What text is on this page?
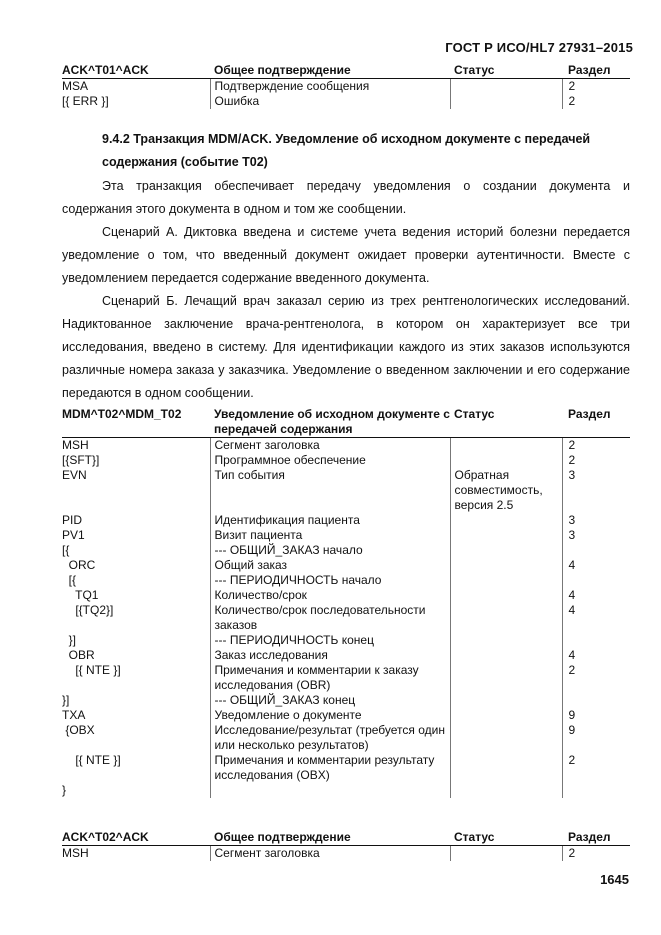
ГОСТ Р ИСО/HL7 27931–2015
ACK^T01^ACK	Общее подтверждение	Статус	Раздел
MSA	Подтверждение сообщения		2
[{ ERR }]	Ошибка		2
9.4.2 Транзакция MDM/ACK. Уведомление об исходном документе с передачей содержания (событие Т02)

Эта транзакция обеспечивает передачу уведомления о создании документа и содержания этого документа в одном и том же сообщении.

Сценарий А. Диктовка введена и системе учета ведения историй болезни передается уведомление о том, что введенный документ ожидает проверки аутентичности. Вместе с уведомлением передается содержание введенного документа.

Сценарий Б. Лечащий врач заказал серию из трех рентгенологических исследований. Надиктованное заключение врача-рентгенолога, в котором он характеризует все три исследования, введено в систему. Для идентификации каждого из этих заказов используются различные номера заказа у заказчика. Уведомление о введенном заключении и его содержание передаются в одном сообщении.

MDM^T02^MDM_T02	Уведомление об исходном документе с передачей содержания	Статус	Раздел
MSH	Сегмент заголовка		2
[{SFT}]	Программное обеспечение		2
EVN	Тип события	Обратная совместимость, версия 2.5	3
PID	Идентификация пациента		3
PV1	Визит пациента		3
[{	--- ОБЩИЙ_ЗАКАЗ начало		
ORC	Общий заказ		4
[{	--- ПЕРИОДИЧНОСТЬ начало		
TQ1	Количество/срок		4
[{TQ2}]	Количество/срок последовательности заказов		4
}]	--- ПЕРИОДИЧНОСТЬ конец		
OBR	Заказ исследования		4
[{ NTE }]	Примечания и комментарии к заказу исследования (OBR)		2
}]	--- ОБЩИЙ_ЗАКАЗ конец		
TXA	Уведомление о документе		9
{OBX	Исследование/результат (требуется один или несколько результатов)		9
[{ NTE }]	Примечания и комментарии результату исследования (OBX)		2
}			
ACK^T02^ACK	Общее подтверждение	Статус	Раздел
MSH	Сегмент заголовка		2
1645
